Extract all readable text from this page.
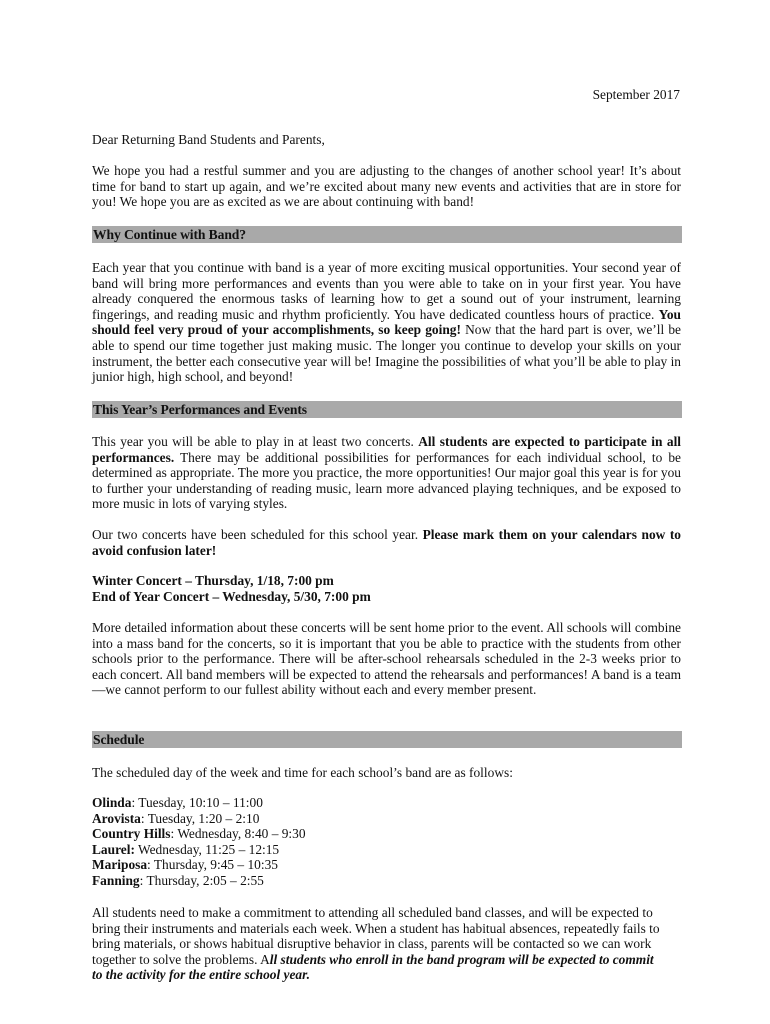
September 2017

Dear Returning Band Students and Parents,

We hope you had a restful summer and you are adjusting to the changes of another school year! It’s about time for band to start up again, and we’re excited about many new events and activities that are in store for you! We hope you are as excited as we are about continuing with band!

Why Continue with Band?

Each year that you continue with band is a year of more exciting musical opportunities. Your second year of band will bring more performances and events than you were able to take on in your first year. You have already conquered the enormous tasks of learning how to get a sound out of your instrument, learning fingerings, and reading music and rhythm proficiently. You have dedicated countless hours of practice. You should feel very proud of your accomplishments, so keep going! Now that the hard part is over, we’ll be able to spend our time together just making music. The longer you continue to develop your skills on your instrument, the better each consecutive year will be! Imagine the possibilities of what you’ll be able to play in junior high, high school, and beyond!

This Year’s Performances and Events

This year you will be able to play in at least two concerts. All students are expected to participate in all performances. There may be additional possibilities for performances for each individual school, to be determined as appropriate. The more you practice, the more opportunities! Our major goal this year is for you to further your understanding of reading music, learn more advanced playing techniques, and be exposed to more music in lots of varying styles.

Our two concerts have been scheduled for this school year. Please mark them on your calendars now to avoid confusion later!

Winter Concert – Thursday, 1/18, 7:00 pm
End of Year Concert – Wednesday, 5/30, 7:00 pm

More detailed information about these concerts will be sent home prior to the event. All schools will combine into a mass band for the concerts, so it is important that you be able to practice with the students from other schools prior to the performance. There will be after-school rehearsals scheduled in the 2-3 weeks prior to each concert. All band members will be expected to attend the rehearsals and performances! A band is a team—we cannot perform to our fullest ability without each and every member present.

Schedule

The scheduled day of the week and time for each school’s band are as follows:

Olinda: Tuesday, 10:10 – 11:00
Arovista: Tuesday, 1:20 – 2:10
Country Hills: Wednesday, 8:40 – 9:30
Laurel: Wednesday, 11:25 – 12:15
Mariposa: Thursday, 9:45 – 10:35
Fanning: Thursday, 2:05 – 2:55

All students need to make a commitment to attending all scheduled band classes, and will be expected to bring their instruments and materials each week. When a student has habitual absences, repeatedly fails to bring materials, or shows habitual disruptive behavior in class, parents will be contacted so we can work together to solve the problems. All students who enroll in the band program will be expected to commit to the activity for the entire school year.
